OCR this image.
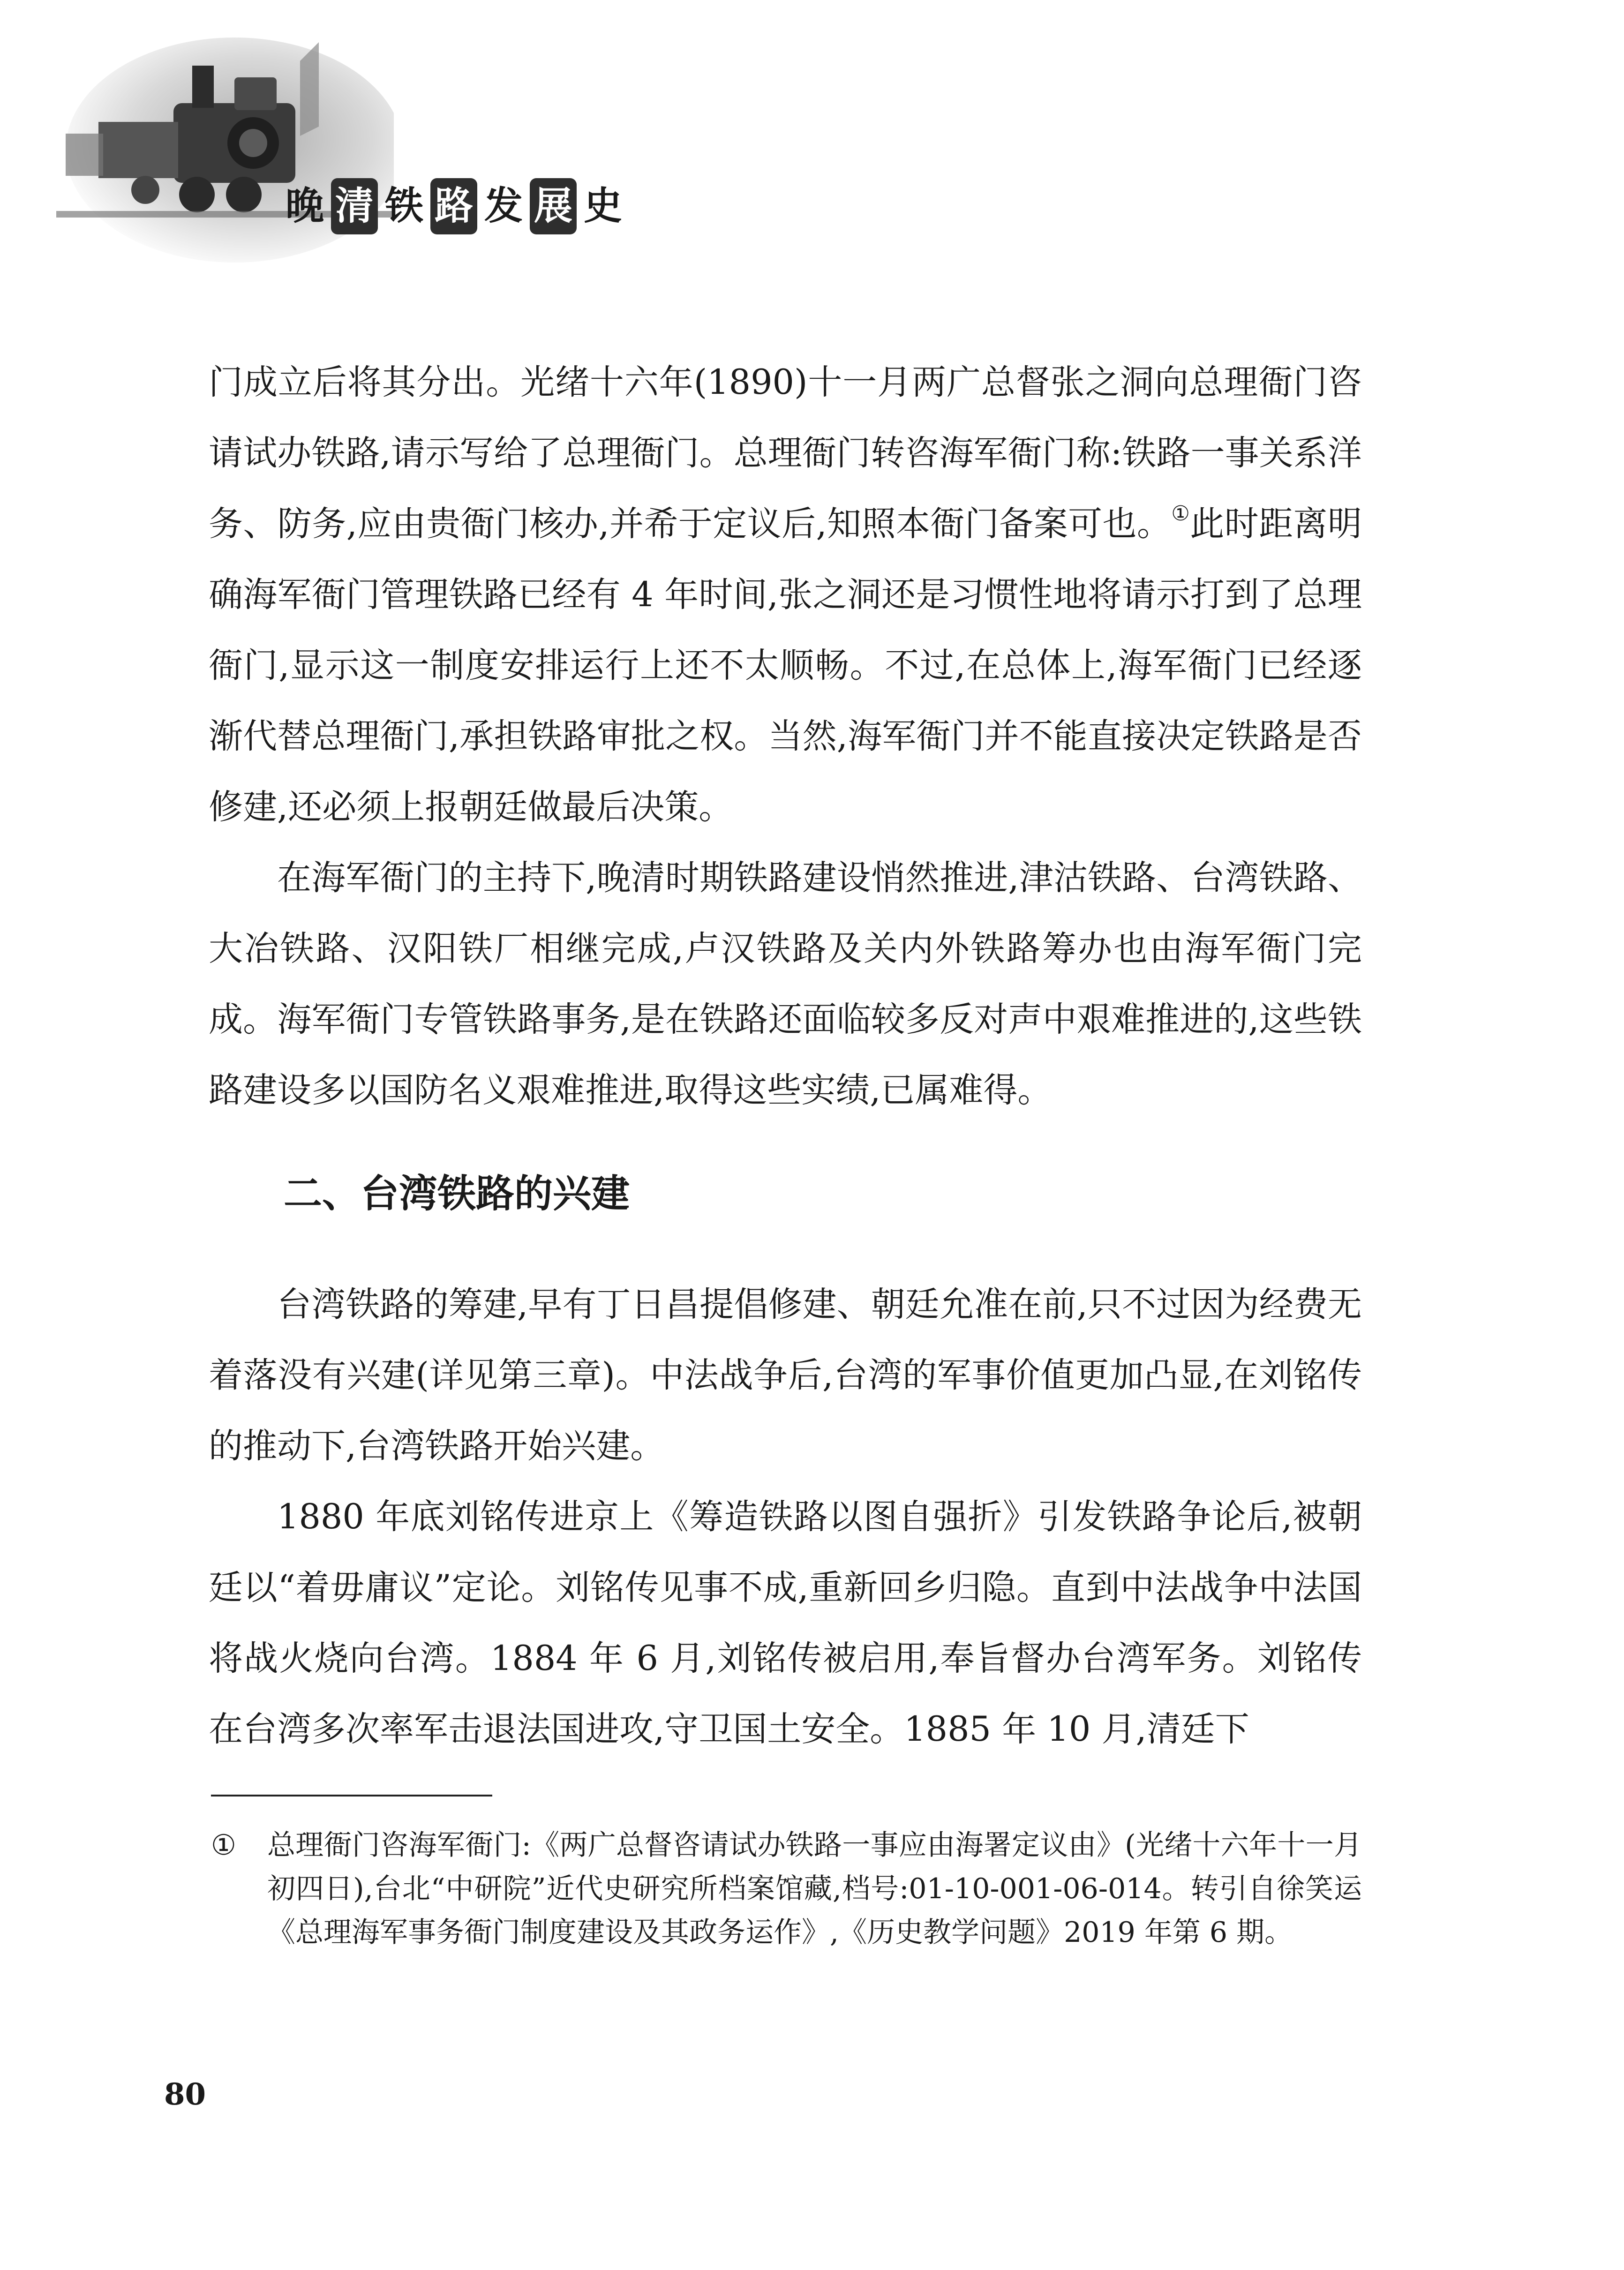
晚 清 铁 路 发 展 史

门成立后将其分出。光绪十六年(1890)十一月两广总督张之洞向总理衙门咨请试办铁路,请示写给了总理衙门。总理衙门转咨海军衙门称:铁路一事关系洋务、防务,应由贵衙门核办,并希于定议后,知照本衙门备案可也。①此时距离明确海军衙门管理铁路已经有 4 年时间,张之洞还是习惯性地将请示打到了总理衙门,显示这一制度安排运行上还不太顺畅。不过,在总体上,海军衙门已经逐渐代替总理衙门,承担铁路审批之权。当然,海军衙门并不能直接决定铁路是否修建,还必须上报朝廷做最后决策。

在海军衙门的主持下,晚清时期铁路建设悄然推进,津沽铁路、台湾铁路、大冶铁路、汉阳铁厂相继完成,卢汉铁路及关内外铁路筹办也由海军衙门完成。海军衙门专管铁路事务,是在铁路还面临较多反对声中艰难推进的,这些铁路建设多以国防名义艰难推进,取得这些实绩,已属难得。

二、台湾铁路的兴建

台湾铁路的筹建,早有丁日昌提倡修建、朝廷允准在前,只不过因为经费无着落没有兴建(详见第三章)。中法战争后,台湾的军事价值更加凸显,在刘铭传的推动下,台湾铁路开始兴建。

1880 年底刘铭传进京上《筹造铁路以图自强折》引发铁路争论后,被朝廷以“着毋庸议”定论。刘铭传见事不成,重新回乡归隐。直到中法战争中法国将战火烧向台湾。1884 年 6 月,刘铭传被启用,奉旨督办台湾军务。刘铭传在台湾多次率军击退法国进攻,守卫国土安全。1885 年 10 月,清廷下

①	总理衙门咨海军衙门:《两广总督咨请试办铁路一事应由海署定议由》(光绪十六年十一月初四日),台北“中研院”近代史研究所档案馆藏,档号:01-10-001-06-014。转引自徐笑运《总理海军事务衙门制度建设及其政务运作》,《历史教学问题》2019 年第 6 期。
80
